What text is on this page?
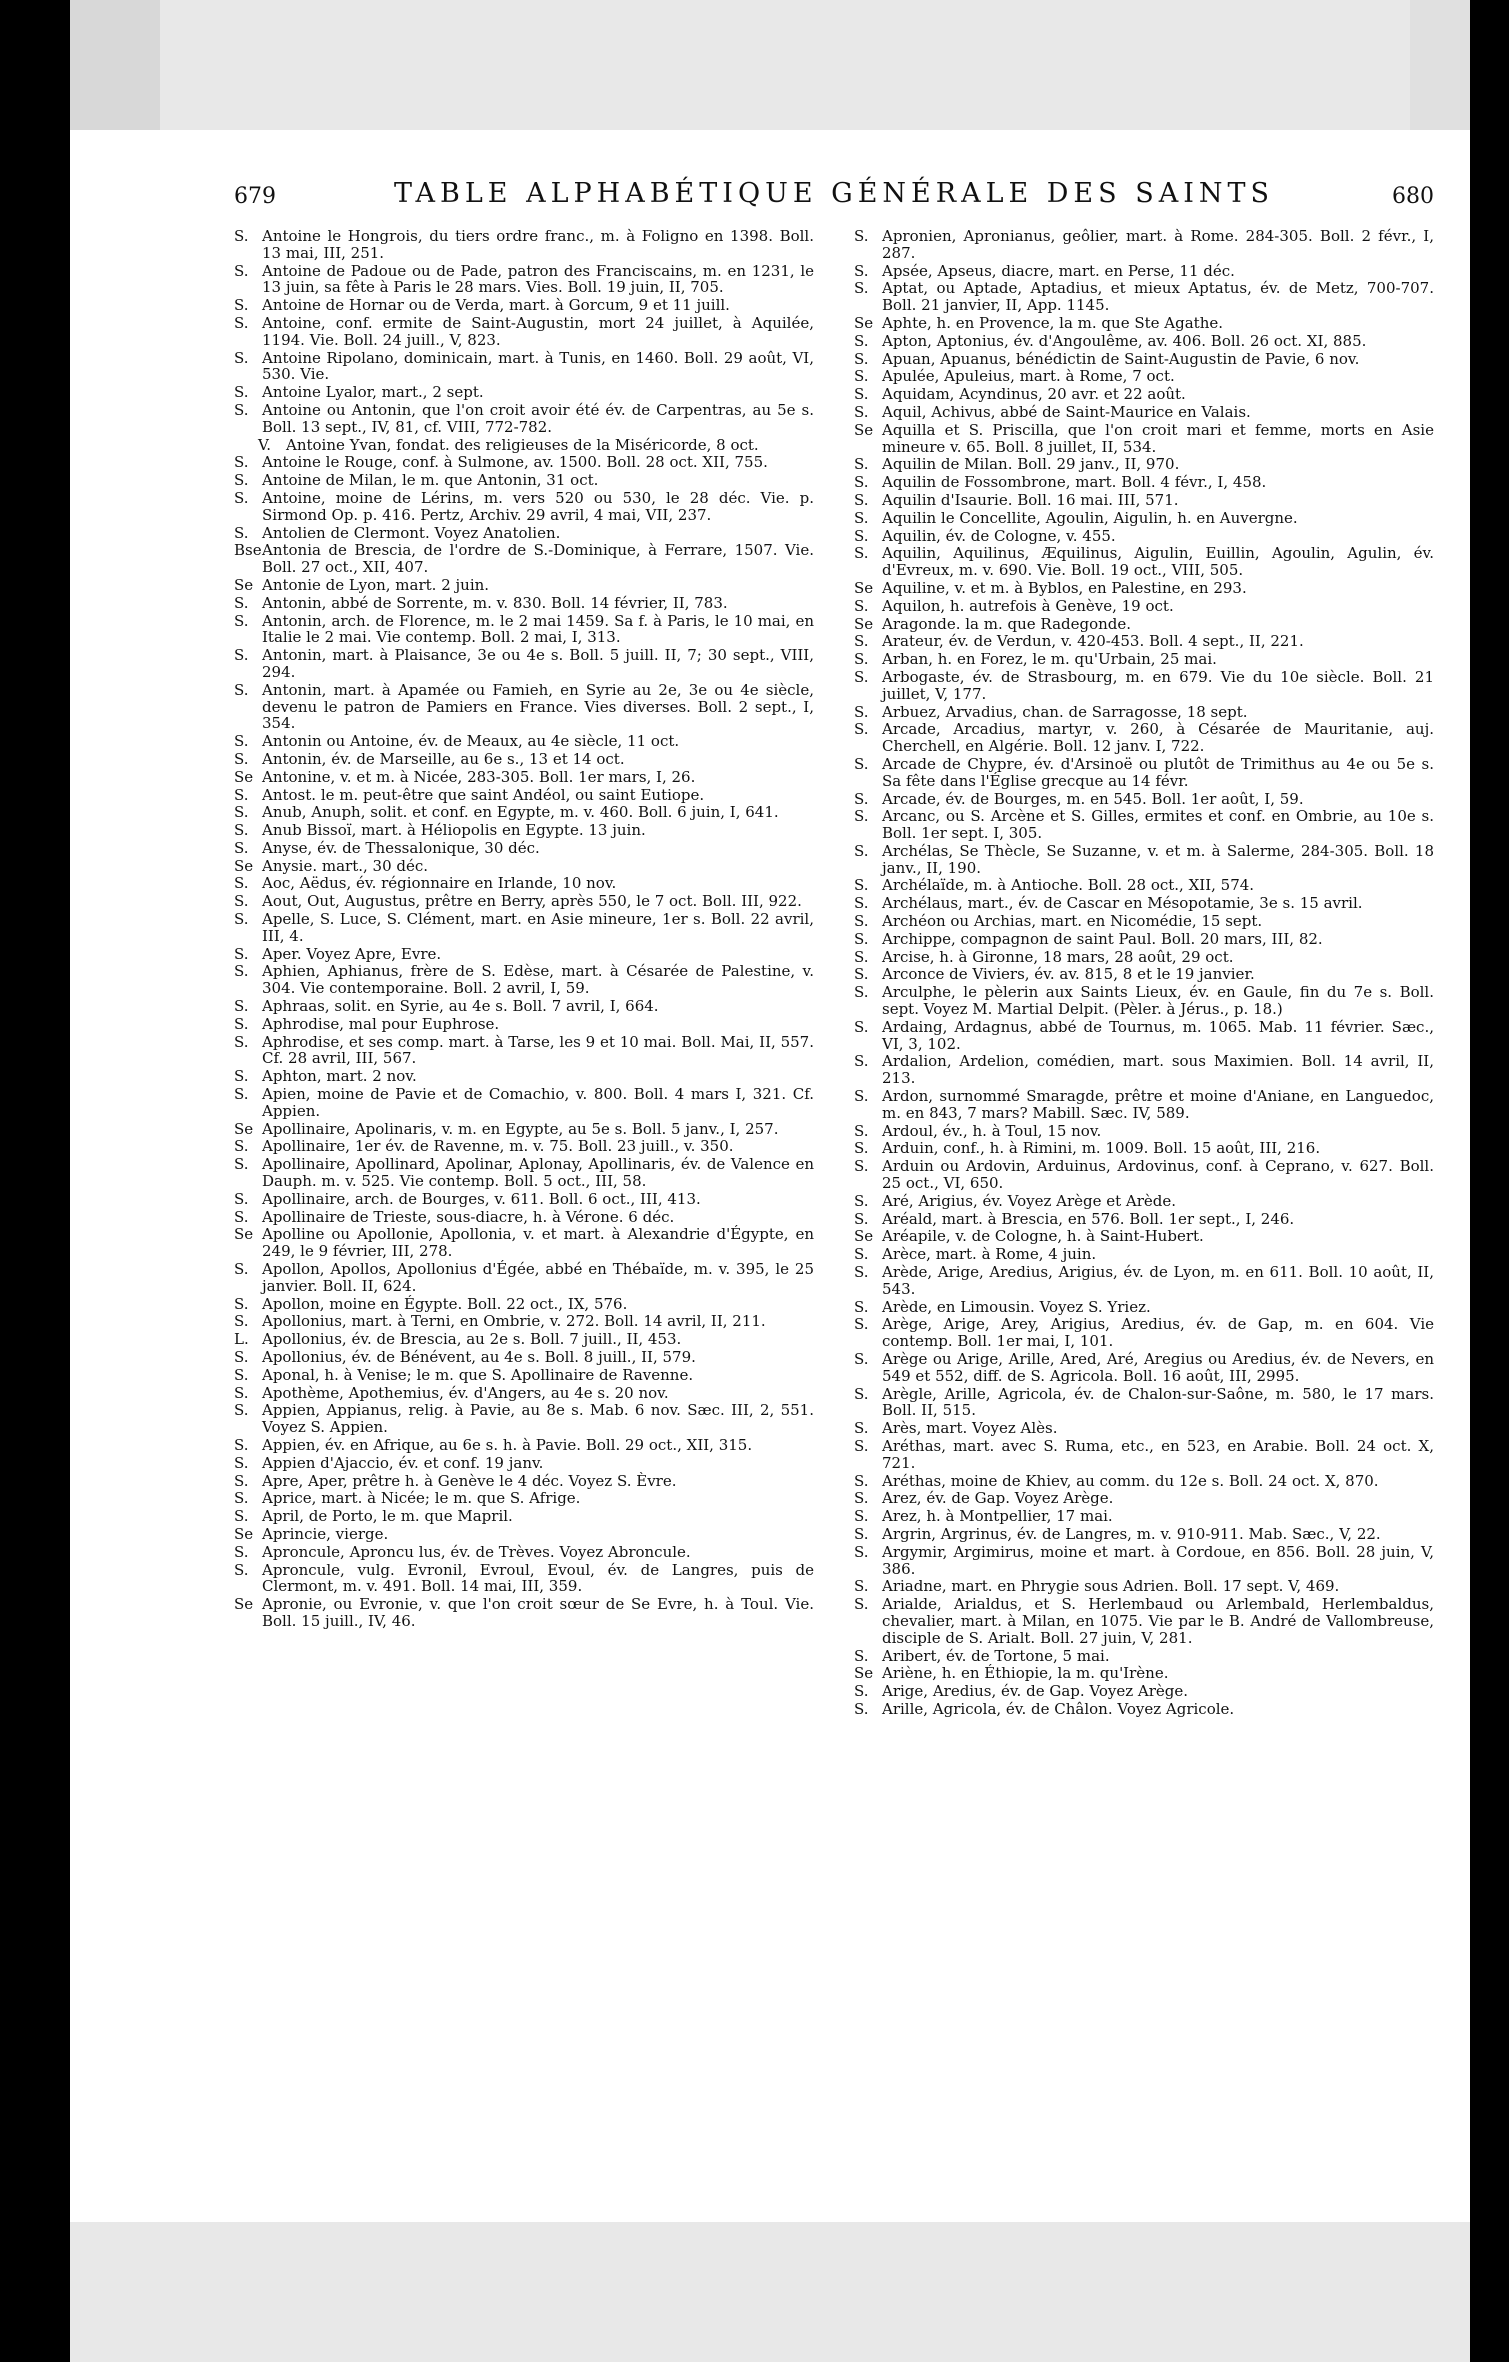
679	TABLE ALPHABÉTIQUE GÉNÉRALE DES SAINTS	680

S. Antoine le Hongrois, du tiers ordre franc., m. à Foligno en 1398. Boll. 13 mai, III, 251.

S. Antoine de Padoue ou de Pade, patron des Franciscains, m. en 1231, le 13 juin, sa fête à Paris le 28 mars. Vies. Boll. 19 juin, II, 705.

S. Antoine de Hornar ou de Verda, mart. à Gorcum, 9 et 11 juill.

S. Antoine, conf. ermite de Saint-Augustin, mort 24 juillet, à Aquilée, 1194. Vie. Boll. 24 juill., V, 823.

S. Antoine Ripolano, dominicain, mart. à Tunis, en 1460. Boll. 29 août, VI, 530. Vie.

S. Antoine Lyalor, mart., 2 sept.

S. Antoine ou Antonin, que l'on croit avoir été év. de Carpentras, au 5e s. Boll. 13 sept., IV, 81, cf. VIII, 772-782.

V. Antoine Yvan, fondat. des religieuses de la Miséricorde, 8 oct.

S. Antoine le Rouge, conf. à Sulmone, av. 1500. Boll. 28 oct. XII, 755.

S. Antoine de Milan, le m. que Antonin, 31 oct.

S. Antoine, moine de Lérins, m. vers 520 ou 530, le 28 déc. Vie. p. Sirmond Op. p. 416. Pertz, Archiv. 29 avril, 4 mai, VII, 237.

S. Antolien de Clermont. Voyez Anatolien.

BseAntonia de Brescia, de l'ordre de S.-Dominique, à Ferrare, 1507. Vie. Boll. 27 oct., XII, 407.

Se Antonie de Lyon, mart. 2 juin.

S. Antonin, abbé de Sorrente, m. v. 830. Boll. 14 février, II, 783.

S. Antonin, arch. de Florence, m. le 2 mai 1459. Sa f. à Paris, le 10 mai, en Italie le 2 mai. Vie contemp. Boll. 2 mai, I, 313.

S. Antonin, mart. à Plaisance, 3e ou 4e s. Boll. 5 juill. II, 7; 30 sept., VIII, 294.

S. Antonin, mart. à Apamée ou Famieh, en Syrie au 2e, 3e ou 4e siècle, devenu le patron de Pamiers en France. Vies diverses. Boll. 2 sept., I, 354.

S. Antonin ou Antoine, év. de Meaux, au 4e siècle, 11 oct.

S. Antonin, év. de Marseille, au 6e s., 13 et 14 oct.

Se Antonine, v. et m. à Nicée, 283-305. Boll. 1er mars, I, 26.

S. Antost. le m. peut-être que saint Andéol, ou saint Eutiope.

S. Anub, Anuph, solit. et conf. en Egypte, m. v. 460. Boll. 6 juin, I, 641.

S. Anub Bissoï, mart. à Héliopolis en Egypte. 13 juin.

S. Anyse, év. de Thessalonique, 30 déc.

Se Anysie. mart., 30 déc.

S. Aoc, Aëdus, év. régionnaire en Irlande, 10 nov.

S. Aout, Out, Augustus, prêtre en Berry, après 550, le 7 oct. Boll. III, 922.

S. Apelle, S. Luce, S. Clément, mart. en Asie mineure, 1er s. Boll. 22 avril, III, 4.

S. Aper. Voyez Apre, Evre.

S. Aphien, Aphianus, frère de S. Edèse, mart. à Césarée de Palestine, v. 304. Vie contemporaine. Boll. 2 avril, I, 59.

S. Aphraas, solit. en Syrie, au 4e s. Boll. 7 avril, I, 664.

S. Aphrodise, mal pour Euphrose.

S. Aphrodise, et ses comp. mart. à Tarse, les 9 et 10 mai. Boll. Mai, II, 557. Cf. 28 avril, III, 567.

S. Aphton, mart. 2 nov.

S. Apien, moine de Pavie et de Comachio, v. 800. Boll. 4 mars I, 321. Cf. Appien.

Se Apollinaire, Apolinaris, v. m. en Egypte, au 5e s. Boll. 5 janv., I, 257.

S. Apollinaire, 1er év. de Ravenne, m. v. 75. Boll. 23 juill., v. 350.

S. Apollinaire, Apollinard, Apolinar, Aplonay, Apollinaris, év. de Valence en Dauph. m. v. 525. Vie contemp. Boll. 5 oct., III, 58.

S. Apollinaire, arch. de Bourges, v. 611. Boll. 6 oct., III, 413.

S. Apollinaire de Trieste, sous-diacre, h. à Vérone. 6 déc.

Se Apolline ou Apollonie, Apollonia, v. et mart. à Alexandrie d'Égypte, en 249, le 9 février, III, 278.

S. Apollon, Apollos, Apollonius d'Égée, abbé en Thébaïde, m. v. 395, le 25 janvier. Boll. II, 624.

S. Apollon, moine en Égypte. Boll. 22 oct., IX, 576.

S. Apollonius, mart. à Terni, en Ombrie, v. 272. Boll. 14 avril, II, 211.

L. Apollonius, év. de Brescia, au 2e s. Boll. 7 juill., II, 453.

S. Apollonius, év. de Bénévent, au 4e s. Boll. 8 juill., II, 579.

S. Aponal, h. à Venise; le m. que S. Apollinaire de Ravenne.

S. Apothème, Apothemius, év. d'Angers, au 4e s. 20 nov.

S. Appien, Appianus, relig. à Pavie, au 8e s. Mab. 6 nov. Sæc. III, 2, 551. Voyez S. Appien.

S. Appien, év. en Afrique, au 6e s. h. à Pavie. Boll. 29 oct., XII, 315.

S. Appien d'Ajaccio, év. et conf. 19 janv.

S. Apre, Aper, prêtre h. à Genève le 4 déc. Voyez S. Èvre.

S. Aprice, mart. à Nicée; le m. que S. Afrige.

S. April, de Porto, le m. que Mapril.

Se Aprincie, vierge.

S. Aproncule, Aproncu lus, év. de Trèves. Voyez Abroncule.

S. Aproncule, vulg. Evronil, Evroul, Evoul, év. de Langres, puis de Clermont, m. v. 491. Boll. 14 mai, III, 359.

Se Apronie, ou Evronie, v. que l'on croit sœur de Se Evre, h. à Toul. Vie. Boll. 15 juill., IV, 46.

S. Apronien, Apronianus, geôlier, mart. à Rome. 284-305. Boll. 2 févr., I, 287.

S. Apsée, Apseus, diacre, mart. en Perse, 11 déc.

S. Aptat, ou Aptade, Aptadius, et mieux Aptatus, év. de Metz, 700-707. Boll. 21 janvier, II, App. 1145.

Se Aphte, h. en Provence, la m. que Ste Agathe.

S. Apton, Aptonius, év. d'Angoulême, av. 406. Boll. 26 oct. XI, 885.

S. Apuan, Apuanus, bénédictin de Saint-Augustin de Pavie, 6 nov.

S. Apulée, Apuleius, mart. à Rome, 7 oct.

S. Aquidam, Acyndinus, 20 avr. et 22 août.

S. Aquil, Achivus, abbé de Saint-Maurice en Valais.

Se Aquilla et S. Priscilla, que l'on croit mari et femme, morts en Asie mineure v. 65. Boll. 8 juillet, II, 534.

S. Aquilin de Milan. Boll. 29 janv., II, 970.

S. Aquilin de Fossombrone, mart. Boll. 4 févr., I, 458.

S. Aquilin d'Isaurie. Boll. 16 mai. III, 571.

S. Aquilin le Concellite, Agoulin, Aigulin, h. en Auvergne.

S. Aquilin, év. de Cologne, v. 455.

S. Aquilin, Aquilinus, Æquilinus, Aigulin, Euillin, Agoulin, Agulin, év. d'Evreux, m. v. 690. Vie. Boll. 19 oct., VIII, 505.

Se Aquiline, v. et m. à Byblos, en Palestine, en 293.

S. Aquilon, h. autrefois à Genève, 19 oct.

Se Aragonde. la m. que Radegonde.

S. Arateur, év. de Verdun, v. 420-453. Boll. 4 sept., II, 221.

S. Arban, h. en Forez, le m. qu'Urbain, 25 mai.

S. Arbogaste, év. de Strasbourg, m. en 679. Vie du 10e siècle. Boll. 21 juillet, V, 177.

S. Arbuez, Arvadius, chan. de Sarragosse, 18 sept.

S. Arcade, Arcadius, martyr, v. 260, à Césarée de Mauritanie, auj. Cherchell, en Algérie. Boll. 12 janv. I, 722.

S. Arcade de Chypre, év. d'Arsinoë ou plutôt de Trimithus au 4e ou 5e s. Sa fête dans l'Église grecque au 14 févr.

S. Arcade, év. de Bourges, m. en 545. Boll. 1er août, I, 59.

S. Arcanc, ou S. Arcène et S. Gilles, ermites et conf. en Ombrie, au 10e s. Boll. 1er sept. I, 305.

S. Archélas, Se Thècle, Se Suzanne, v. et m. à Salerme, 284-305. Boll. 18 janv., II, 190.

S. Archélaïde, m. à Antioche. Boll. 28 oct., XII, 574.

S. Archélaus, mart., év. de Cascar en Mésopotamie, 3e s. 15 avril.

S. Archéon ou Archias, mart. en Nicomédie, 15 sept.

S. Archippe, compagnon de saint Paul. Boll. 20 mars, III, 82.

S. Arcise, h. à Gironne, 18 mars, 28 août, 29 oct.

S. Arconce de Viviers, év. av. 815, 8 et le 19 janvier.

S. Arculphe, le pèlerin aux Saints Lieux, év. en Gaule, fin du 7e s. Boll. sept. Voyez M. Martial Delpit. (Pèler. à Jérus., p. 18.)

S. Ardaing, Ardagnus, abbé de Tournus, m. 1065. Mab. 11 février. Sæc., VI, 3, 102.

S. Ardalion, Ardelion, comédien, mart. sous Maximien. Boll. 14 avril, II, 213.

S. Ardon, surnommé Smaragde, prêtre et moine d'Aniane, en Languedoc, m. en 843, 7 mars? Mabill. Sæc. IV, 589.

S. Ardoul, év., h. à Toul, 15 nov.

S. Arduin, conf., h. à Rimini, m. 1009. Boll. 15 août, III, 216.

S. Arduin ou Ardovin, Arduinus, Ardovinus, conf. à Ceprano, v. 627. Boll. 25 oct., VI, 650.

S. Aré, Arigius, év. Voyez Arège et Arède.

S. Aréald, mart. à Brescia, en 576. Boll. 1er sept., I, 246.

Se Aréapile, v. de Cologne, h. à Saint-Hubert.

S. Arèce, mart. à Rome, 4 juin.

S. Arède, Arige, Aredius, Arigius, év. de Lyon, m. en 611. Boll. 10 août, II, 543.

S. Arède, en Limousin. Voyez S. Yriez.

S. Arège, Arige, Arey, Arigius, Aredius, év. de Gap, m. en 604. Vie contemp. Boll. 1er mai, I, 101.

S. Arège ou Arige, Arille, Ared, Aré, Aregius ou Aredius, év. de Nevers, en 549 et 552, diff. de S. Agricola. Boll. 16 août, III, 2995.

S. Arègle, Arille, Agricola, év. de Chalon-sur-Saône, m. 580, le 17 mars. Boll. II, 515.

S. Arès, mart. Voyez Alès.

S. Aréthas, mart. avec S. Ruma, etc., en 523, en Arabie. Boll. 24 oct. X, 721.

S. Aréthas, moine de Khiev, au comm. du 12e s. Boll. 24 oct. X, 870.

S. Arez, év. de Gap. Voyez Arège.

S. Arez, h. à Montpellier, 17 mai.

S. Argrin, Argrinus, év. de Langres, m. v. 910-911. Mab. Sæc., V, 22.

S. Argymir, Argimirus, moine et mart. à Cordoue, en 856. Boll. 28 juin, V, 386.

S. Ariadne, mart. en Phrygie sous Adrien. Boll. 17 sept. V, 469.

S. Arialde, Arialdus, et S. Herlembaud ou Arlembald, Herlembaldus, chevalier, mart. à Milan, en 1075. Vie par le B. André de Vallombreuse, disciple de S. Arialt. Boll. 27 juin, V, 281.

S. Aribert, év. de Tortone, 5 mai.

Se Ariène, h. en Éthiopie, la m. qu'Irène.

S. Arige, Aredius, év. de Gap. Voyez Arège.

S. Arille, Agricola, év. de Châlon. Voyez Agricole.
